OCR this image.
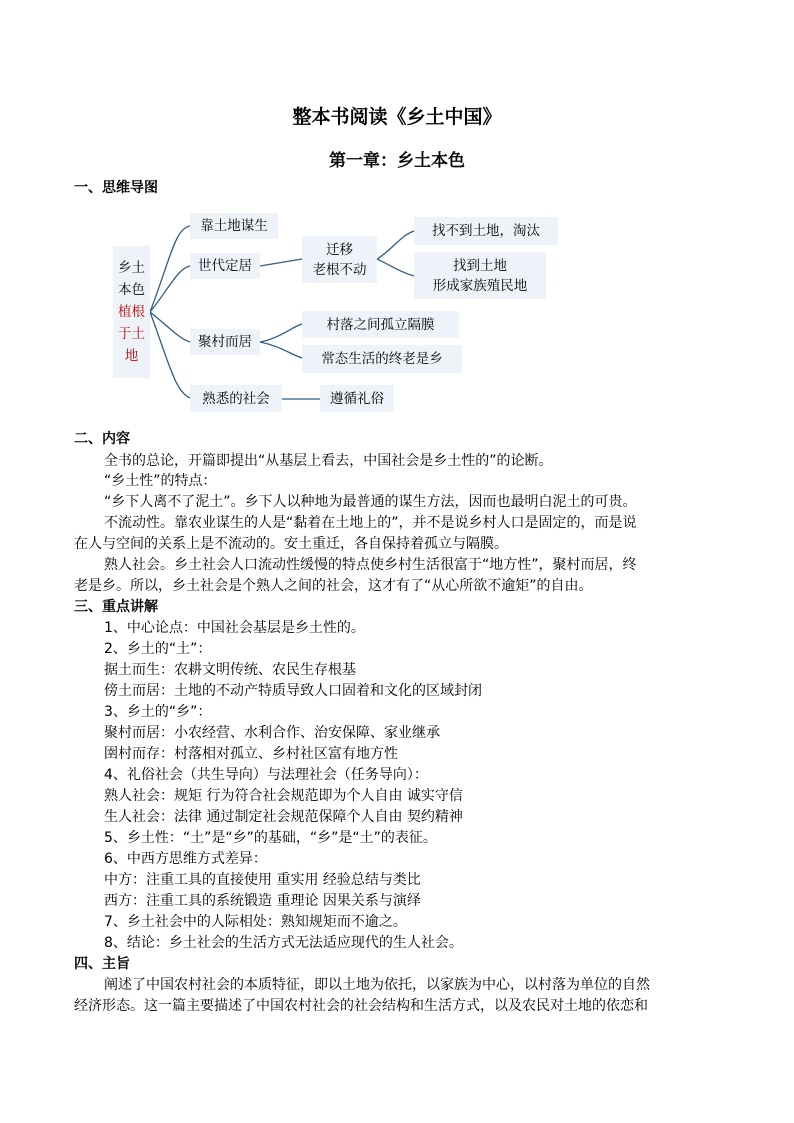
整本书阅读《乡土中国》
第一章：乡土本色
一、思维导图
乡土
本色
植根
于土
地
靠土地谋生
世代定居
聚村而居
熟悉的社会
迁移
老根不动
找不到土地，淘汰
找到土地
形成家族殖民地
村落之间孤立隔膜
常态生活的终老是乡
遵循礼俗
二、内容
全书的总论，开篇即提出“从基层上看去，中国社会是乡土性的”的论断。
“乡土性”的特点：
“乡下人离不了泥土”。乡下人以种地为最普通的谋生方法，因而也最明白泥土的可贵。
不流动性。靠农业谋生的人是“黏着在土地上的”，并不是说乡村人口是固定的，而是说
在人与空间的关系上是不流动的。安土重迁，各自保持着孤立与隔膜。
熟人社会。乡土社会人口流动性缓慢的特点使乡村生活很富于“地方性”，聚村而居，终
老是乡。所以，乡土社会是个熟人之间的社会，这才有了“从心所欲不逾矩”的自由。
三、重点讲解
1、中心论点：中国社会基层是乡土性的。
2、乡土的“土”：
据土而生：农耕文明传统、农民生存根基
傍土而居：土地的不动产特质导致人口固着和文化的区域封闭
3、乡土的“乡”：
聚村而居：小农经营、水利合作、治安保障、家业继承
圉村而存：村落相对孤立、乡村社区富有地方性
4、礼俗社会（共生导向）与法理社会（任务导向）：
熟人社会：规矩 行为符合社会规范即为个人自由 诚实守信
生人社会：法律 通过制定社会规范保障个人自由 契约精神
5、乡土性：“土”是“乡”的基础，“乡”是“土”的表征。
6、中西方思维方式差异：
中方：注重工具的直接使用 重实用 经验总结与类比
西方：注重工具的系统锻造 重理论 因果关系与演绎
7、乡土社会中的人际相处：熟知规矩而不逾之。
8、结论：乡土社会的生活方式无法适应现代的生人社会。
四、主旨
阐述了中国农村社会的本质特征，即以土地为依托，以家族为中心，以村落为单位的自然
经济形态。这一篇主要描述了中国农村社会的社会结构和生活方式，以及农民对土地的依恋和
